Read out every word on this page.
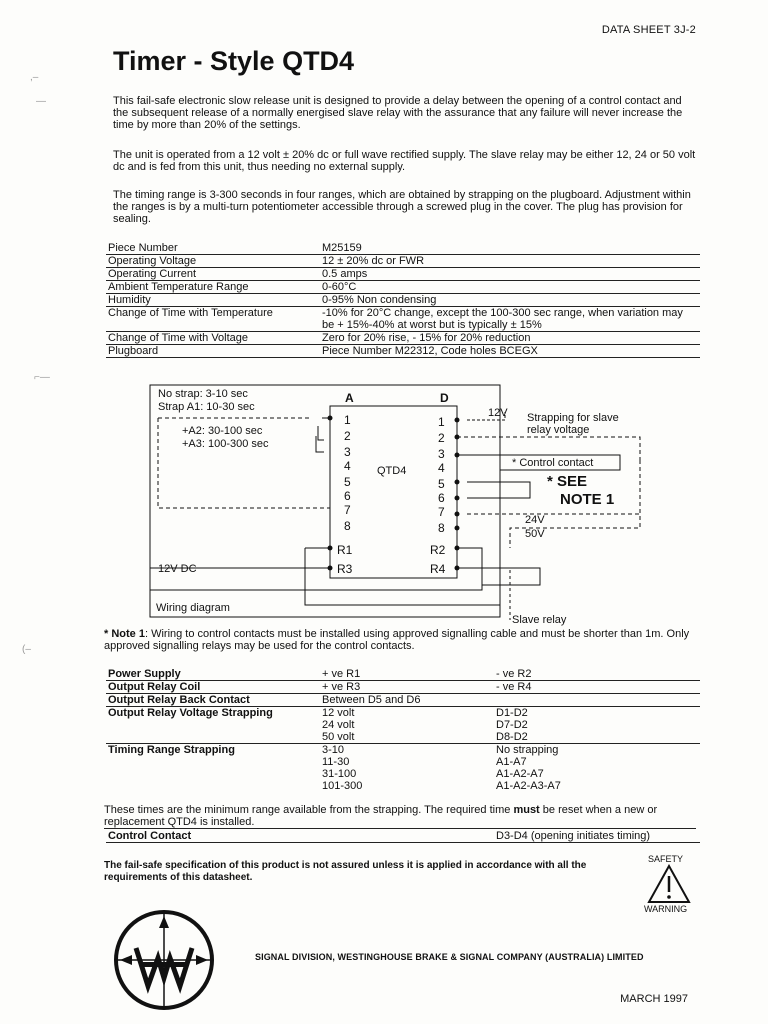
DATA SHEET 3J-2
Timer - Style QTD4

This fail-safe electronic slow release unit is designed to provide a delay between the opening of a control contact and the subsequent release of a normally energised slave relay with the assurance that any failure will never increase the time by more than 20% of the settings.

The unit is operated from a 12 volt ± 20% dc or full wave rectified supply. The slave relay may be either 12, 24 or 50 volt dc and is fed from this unit, thus needing no external supply.

The timing range is 3-300 seconds in four ranges, which are obtained by strapping on the plugboard. Adjustment within the ranges is by a multi-turn potentiometer accessible through a screwed plug in the cover. The plug has provision for sealing.

Piece Number	M25159
Operating Voltage	12 ± 20% dc or FWR
Operating Current	0.5 amps
Ambient Temperature Range	0-60°C
Humidity	0-95% Non condensing
Change of Time with Temperature	-10% for 20°C change, except the 100-300 sec range, when variation may be + 15%-40% at worst but is typically ± 15%
Change of Time with Voltage	Zero for 20% rise, - 15% for 20% reduction
Plugboard	Piece Number M22312, Code holes BCEGX
No strap: 3-10 sec
Strap A1: 10-30 sec
+A2: 30-100 sec
+A3: 100-300 sec
A	D
QTD4
1
2
3
4
5
6
7
8
1
2
3
4
5
6
7
8
R1
R3
R2
R4
12V DC
Wiring diagram
12V Strapping for slave
relay voltage
* Control contact
* SEE
NOTE 1
24V
50V
Slave relay
* Note 1: Wiring to control contacts must be installed using approved signalling cable and must be shorter than 1m. Only approved signalling relays may be used for the control contacts.
Power Supply	+ ve R1	- ve R2
Output Relay Coil	+ ve R3	- ve R4
Output Relay Back Contact	Between D5 and D6	
Output Relay Voltage Strapping	12 volt	D1-D2
	24 volt	D7-D2
	50 volt	D8-D2
Timing Range Strapping	3-10	No strapping
	11-30	A1-A7
	31-100	A1-A2-A7
	101-300	A1-A2-A3-A7
These times are the minimum range available from the strapping. The required time must be reset when a new or replacement QTD4 is installed.
Control Contact		D3-D4 (opening initiates timing)
The fail-safe specification of this product is not assured unless it is applied in accordance with all the requirements of this datasheet.
SAFETY
WARNING
SIGNAL DIVISION, WESTINGHOUSE BRAKE & SIGNAL COMPANY (AUSTRALIA) LIMITED
MARCH 1997
,–
—
⌐—
(–
